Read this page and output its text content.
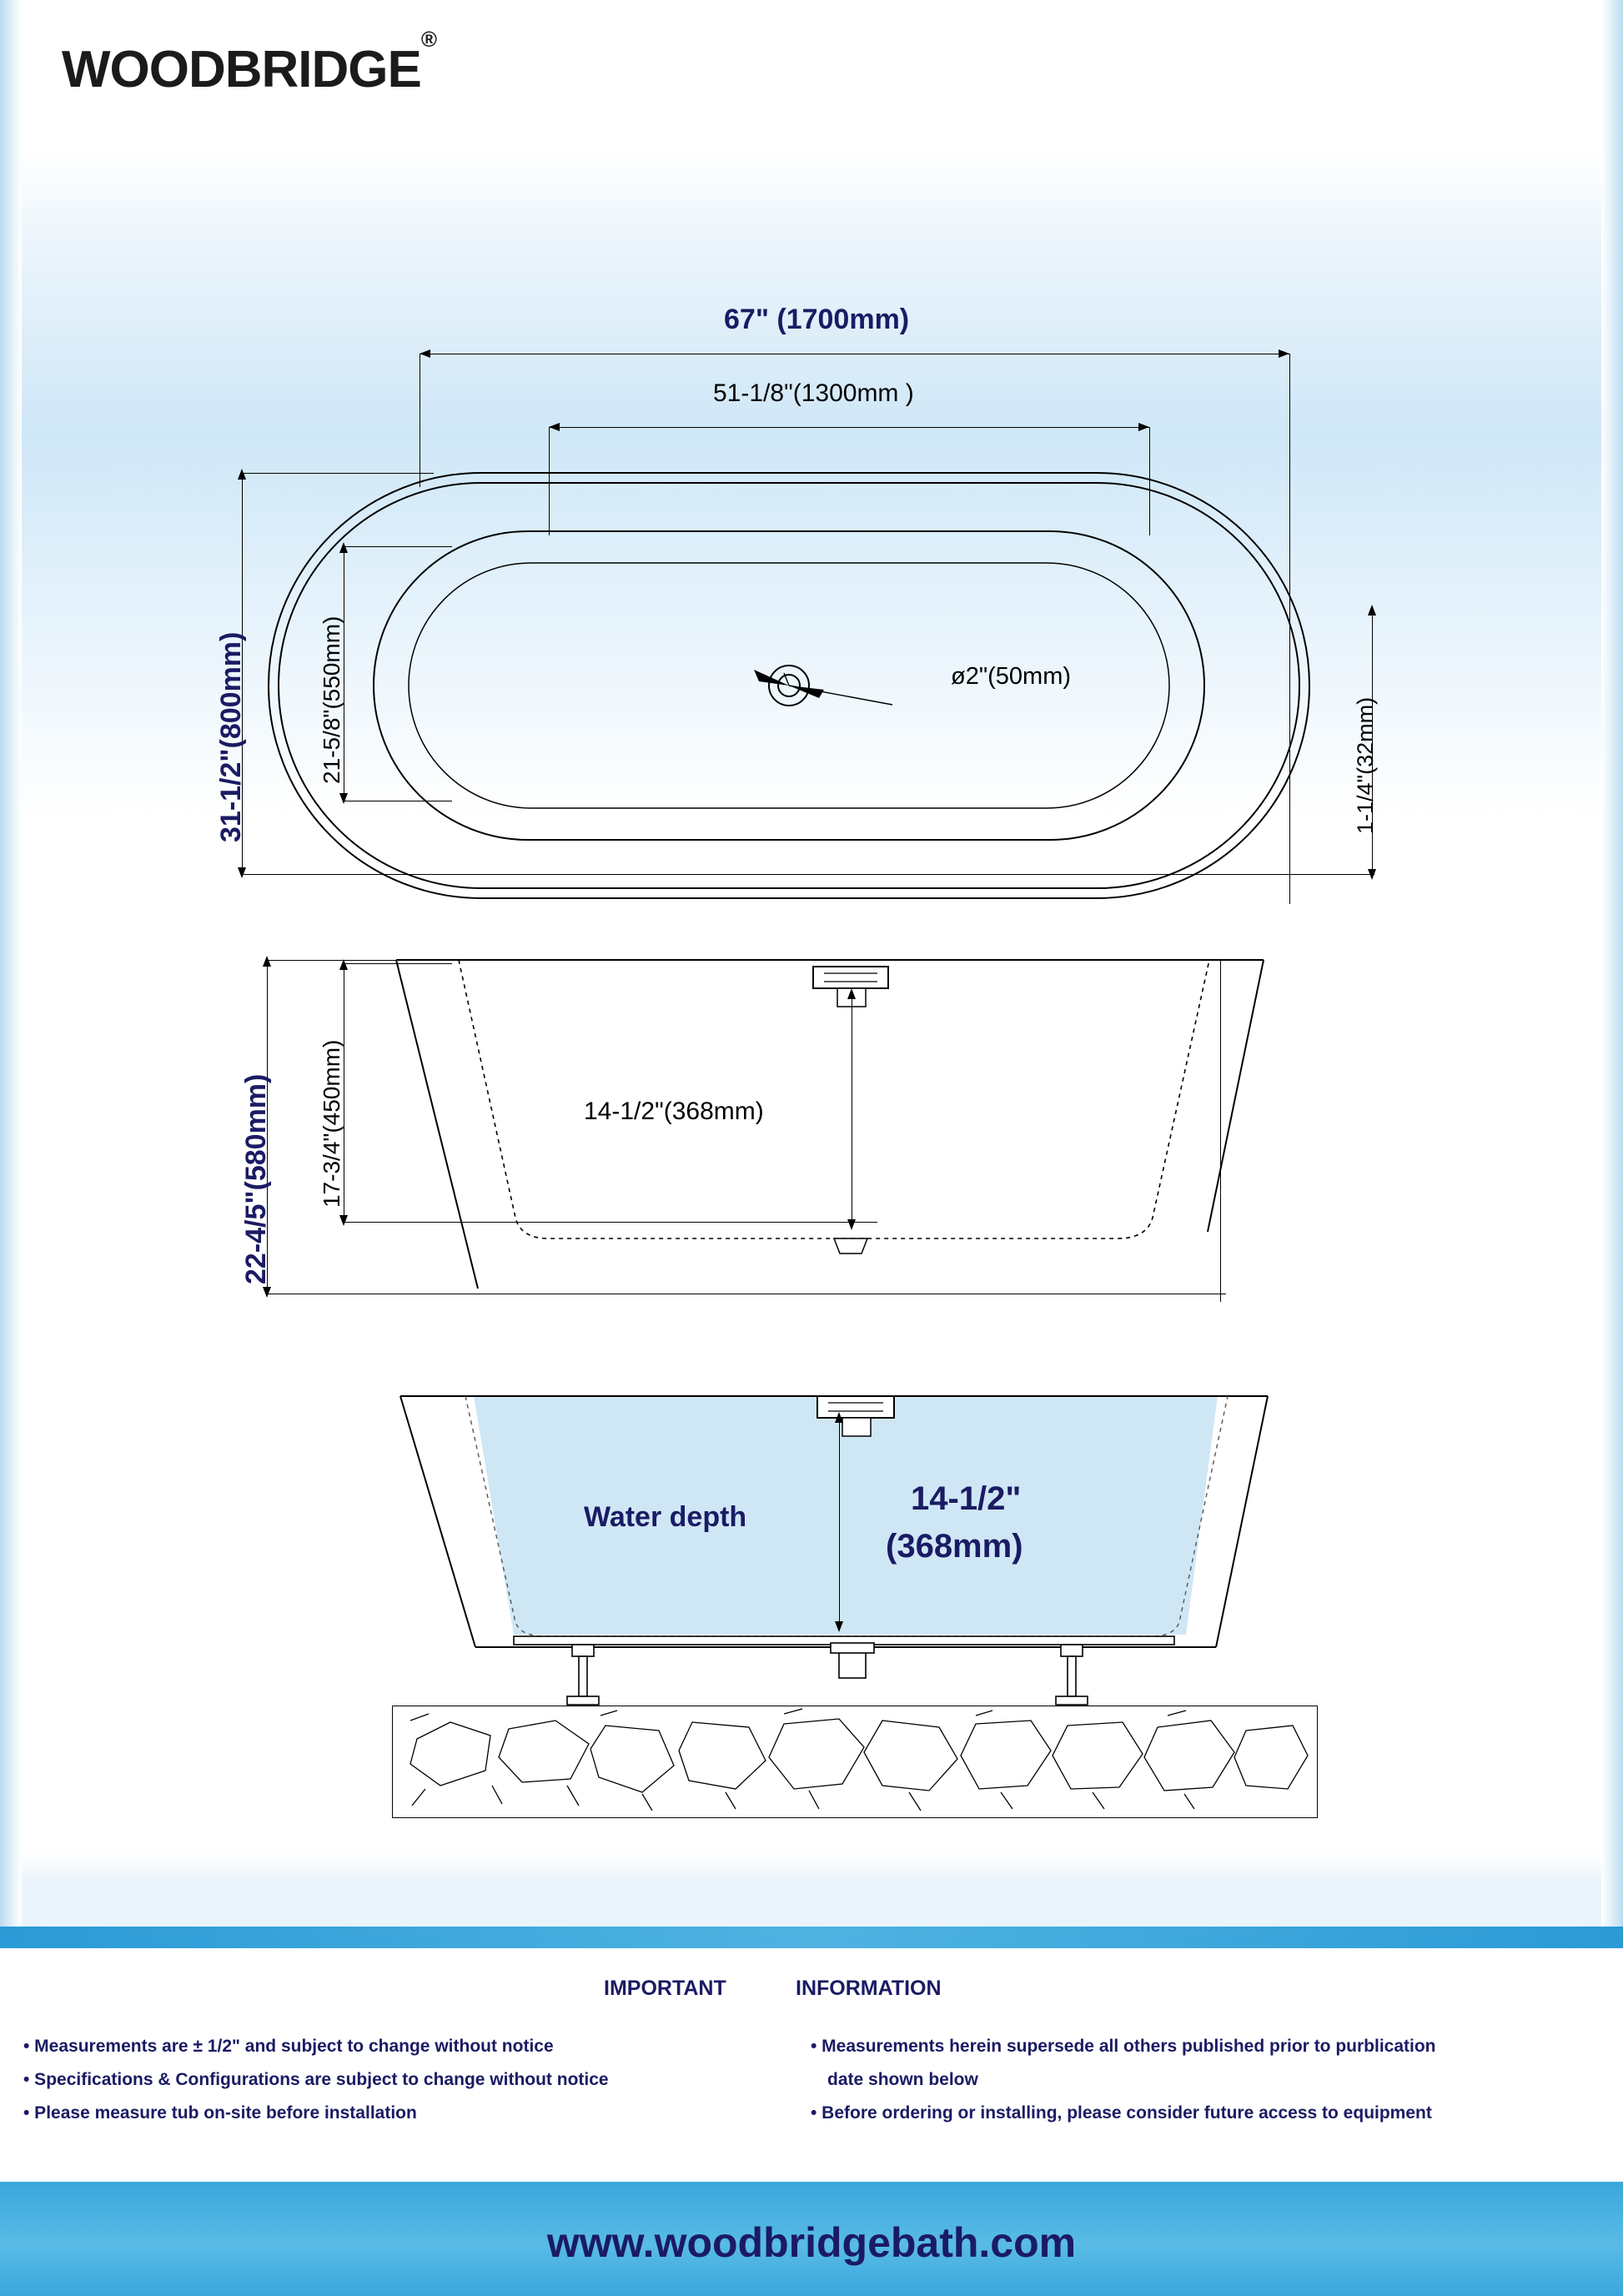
WOODBRIDGE®
ø2"(50mm)
67" (1700mm)
51-1/8"(1300mm )
31-1/2"(800mm)	21-5/8"(550mm)	1-1/4"(32mm)
14-1/2"(368mm)
22-4/5"(580mm) 17-3/4"(450mm)
Water depth	14-1/2"
(368mm)
IMPORTANT	INFORMATION
• Measurements are ± 1/2" and subject to change without notice
• Specifications & Configurations are subject to change without notice
• Please measure tub on-site before installation
• Measurements herein supersede all others published prior to purblication
date shown below
• Before ordering or installing, please consider future access to equipment
www.woodbridgebath.com
